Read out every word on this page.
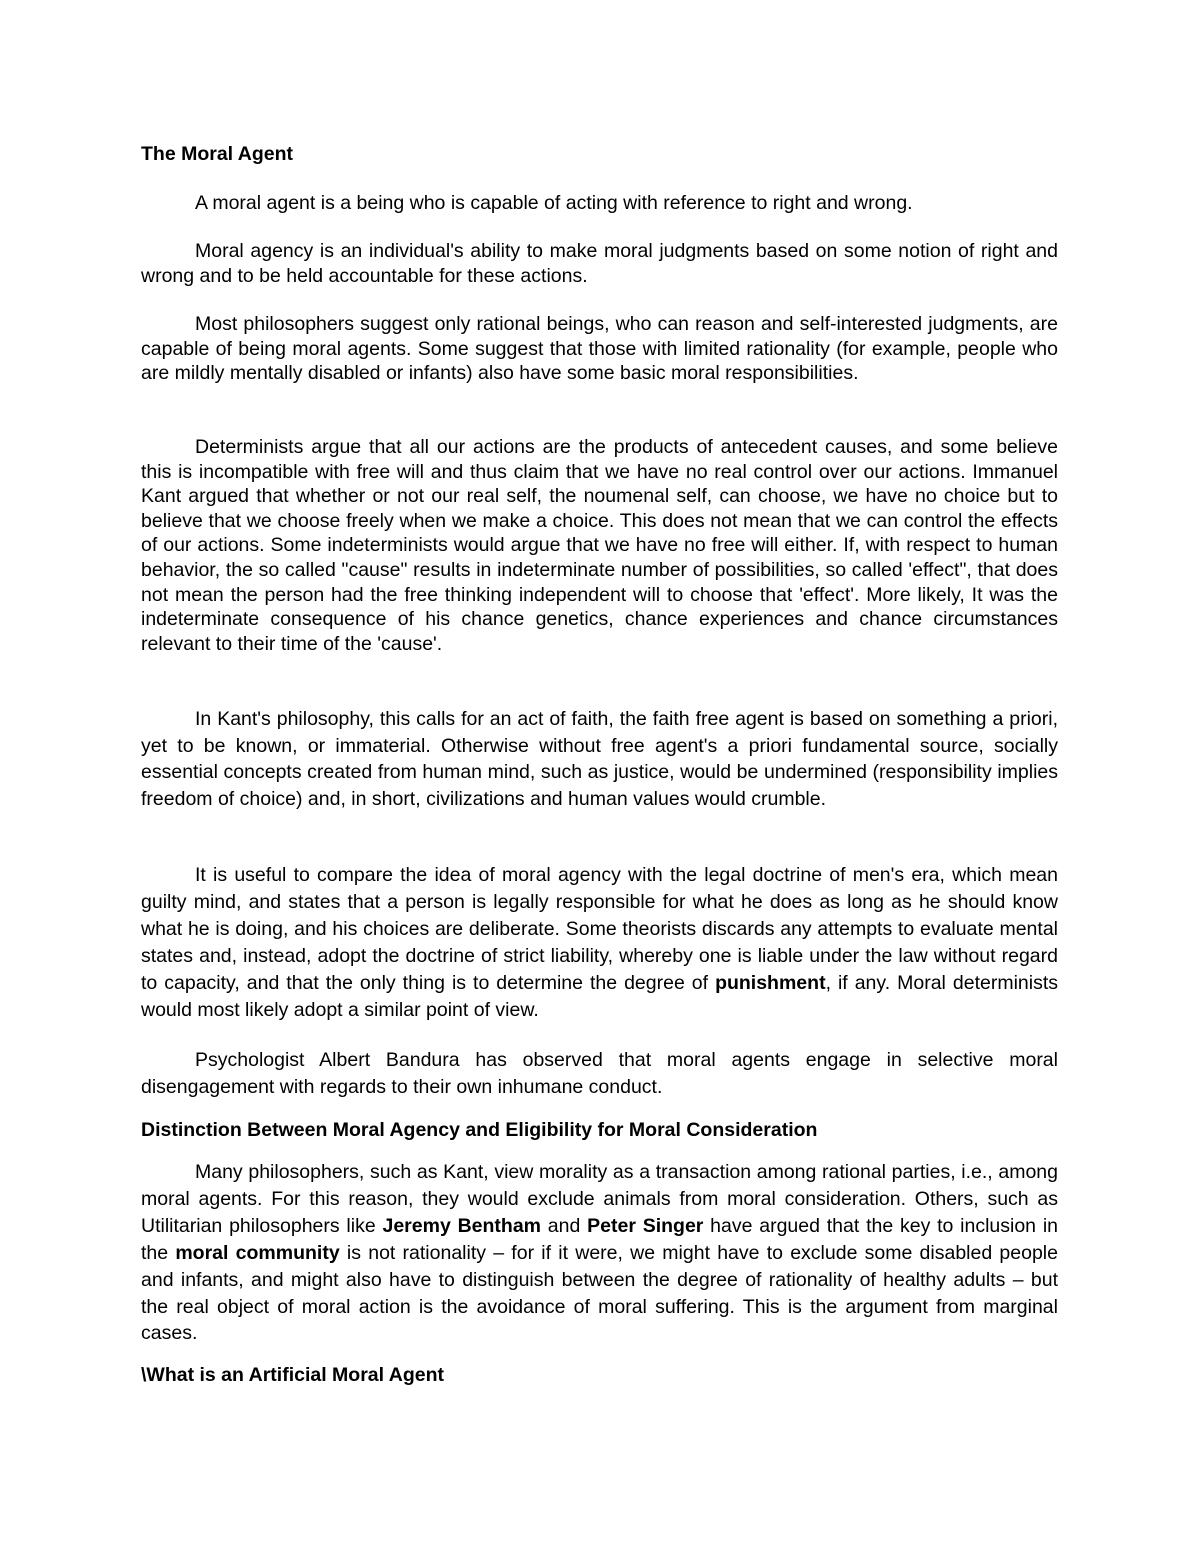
The Moral Agent

A moral agent is a being who is capable of acting with reference to right and wrong.

Moral agency is an individual's ability to make moral judgments based on some notion of right and wrong and to be held accountable for these actions.

Most philosophers suggest only rational beings, who can reason and self-interested judgments, are capable of being moral agents. Some suggest that those with limited rationality (for example, people who are mildly mentally disabled or infants) also have some basic moral responsibilities.

Determinists argue that all our actions are the products of antecedent causes, and some believe this is incompatible with free will and thus claim that we have no real control over our actions. Immanuel Kant argued that whether or not our real self, the noumenal self, can choose, we have no choice but to believe that we choose freely when we make a choice. This does not mean that we can control the effects of our actions. Some indeterminists would argue that we have no free will either. If, with respect to human behavior, the so called "cause" results in indeterminate number of possibilities, so called 'effect", that does not mean the person had the free thinking independent will to choose that 'effect'. More likely, It was the indeterminate consequence of his chance genetics, chance experiences and chance circumstances relevant to their time of the 'cause'.

In Kant's philosophy, this calls for an act of faith, the faith free agent is based on something a priori, yet to be known, or immaterial. Otherwise without free agent's a priori fundamental source, socially essential concepts created from human mind, such as justice, would be undermined (responsibility implies freedom of choice) and, in short, civilizations and human values would crumble.

It is useful to compare the idea of moral agency with the legal doctrine of men's era, which mean guilty mind, and states that a person is legally responsible for what he does as long as he should know what he is doing, and his choices are deliberate. Some theorists discards any attempts to evaluate mental states and, instead, adopt the doctrine of strict liability, whereby one is liable under the law without regard to capacity, and that the only thing is to determine the degree of punishment, if any. Moral determinists would most likely adopt a similar point of view.

Psychologist Albert Bandura has observed that moral agents engage in selective moral disengagement with regards to their own inhumane conduct.

Distinction Between Moral Agency and Eligibility for Moral Consideration

Many philosophers, such as Kant, view morality as a transaction among rational parties, i.e., among moral agents. For this reason, they would exclude animals from moral consideration. Others, such as Utilitarian philosophers like Jeremy Bentham and Peter Singer have argued that the key to inclusion in the moral community is not rationality – for if it were, we might have to exclude some disabled people and infants, and might also have to distinguish between the degree of rationality of healthy adults – but the real object of moral action is the avoidance of moral suffering. This is the argument from marginal cases.

\What is an Artificial Moral Agent
